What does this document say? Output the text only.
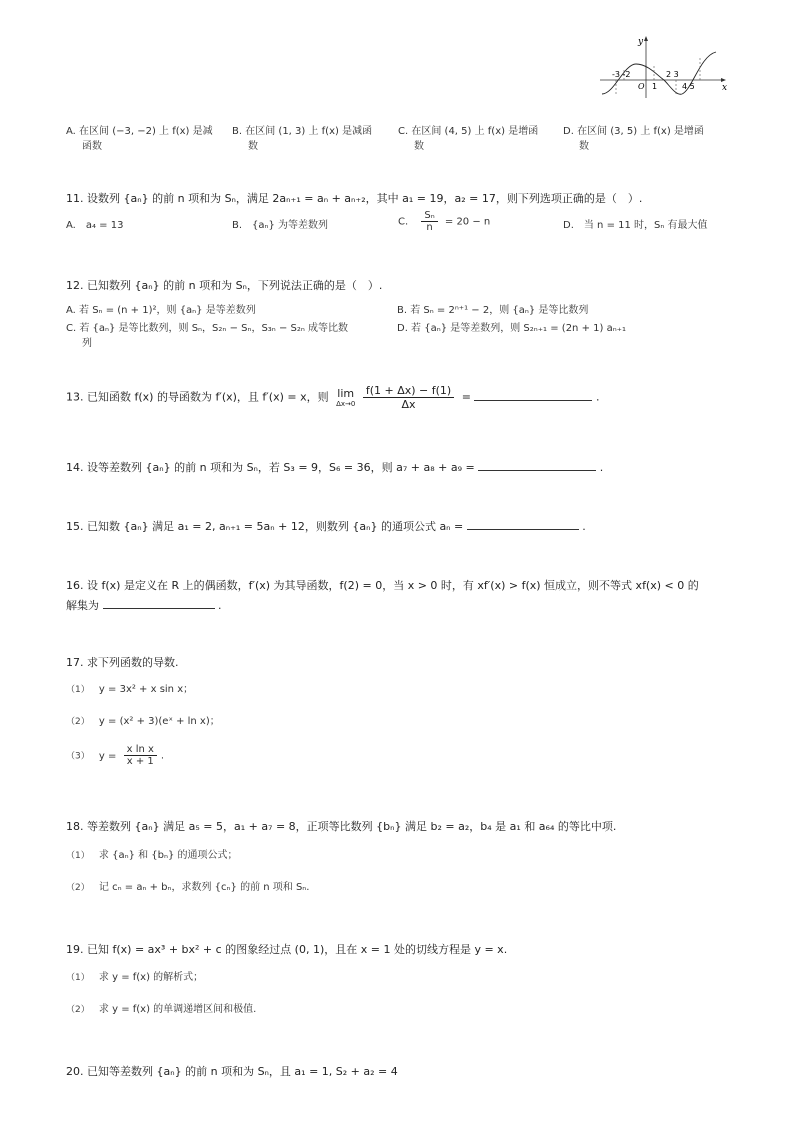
y
x
-3 -2
O 1
2 3
4 5
A. 在区间 (−3, −2) 上 f(x) 是减
函数
B. 在区间 (1, 3) 上 f(x) 是减函
数
C. 在区间 (4, 5) 上 f(x) 是增函
数
D. 在区间 (3, 5) 上 f(x) 是增函
数
11. 设数列 {aₙ} 的前 n 项和为 Sₙ，满足 2aₙ₊₁ = aₙ + aₙ₊₂，其中 a₁ = 19，a₂ = 17，则下列选项正确的是（　）.
A.　a₄ = 13	B.　{aₙ} 为等差数列	C. $\frac{\text{Sₙ}}{n} = 20 - n$	D.　当 n = 11 时，Sₙ 有最大值
12. 已知数列 {aₙ} 的前 n 项和为 Sₙ，下列说法正确的是（　）.
A. 若 Sₙ = (n + 1)²，则 {aₙ} 是等差数列	B. 若 Sₙ = 2ⁿ⁺¹ − 2，则 {aₙ} 是等比数列
C. 若 {aₙ} 是等比数列，则 Sₙ，S₂ₙ − Sₙ，S₃ₙ − S₂ₙ 成等比数
列
D. 若 {aₙ} 是等差数列，则 S₂ₙ₊₁ = (2n + 1) aₙ₊₁
13. 已知函数 f(x) 的导函数为 f′(x)，且 f′(x) = x，则 lim
Δx→0
$\frac{f(1 + \Delta x) - f(1)}{\Delta x}$ =	.
14. 设等差数列 {aₙ} 的前 n 项和为 Sₙ，若 S₃ = 9，S₆ = 36，则 a₇ + a₈ + a₉ =	.
15. 已知数 {aₙ} 满足 a₁ = 2, aₙ₊₁ = 5aₙ + 12，则数列 {aₙ} 的通项公式 aₙ =	.
16. 设 f(x) 是定义在 R 上的偶函数，f′(x) 为其导函数，f(2) = 0，当 x > 0 时，有 xf′(x) > f(x) 恒成立，则不等式 xf(x) < 0 的
解集为	.
17. 求下列函数的导数.
（1） y = 3x² + x sin x；
（2） y = (x² + 3)(eˣ + ln x)；
（3） $y = \frac{\text{x ln x}}{x + 1}$ .
18. 等差数列 {aₙ} 满足 a₅ = 5，a₁ + a₇ = 8，正项等比数列 {bₙ} 满足 b₂ = a₂，b₄ 是 a₁ 和 a₆₄ 的等比中项.
（1） 求 {aₙ} 和 {bₙ} 的通项公式；
（2） 记 cₙ = aₙ + bₙ，求数列 {cₙ} 的前 n 项和 Sₙ.
19. 已知 f(x) = ax³ + bx² + c 的图象经过点 (0, 1)，且在 x = 1 处的切线方程是 y = x.
（1） 求 y = f(x) 的解析式；
（2） 求 y = f(x) 的单调递增区间和极值.
20. 已知等差数列 {aₙ} 的前 n 项和为 Sₙ，且 a₁ = 1, S₂ + a₂ = 4
